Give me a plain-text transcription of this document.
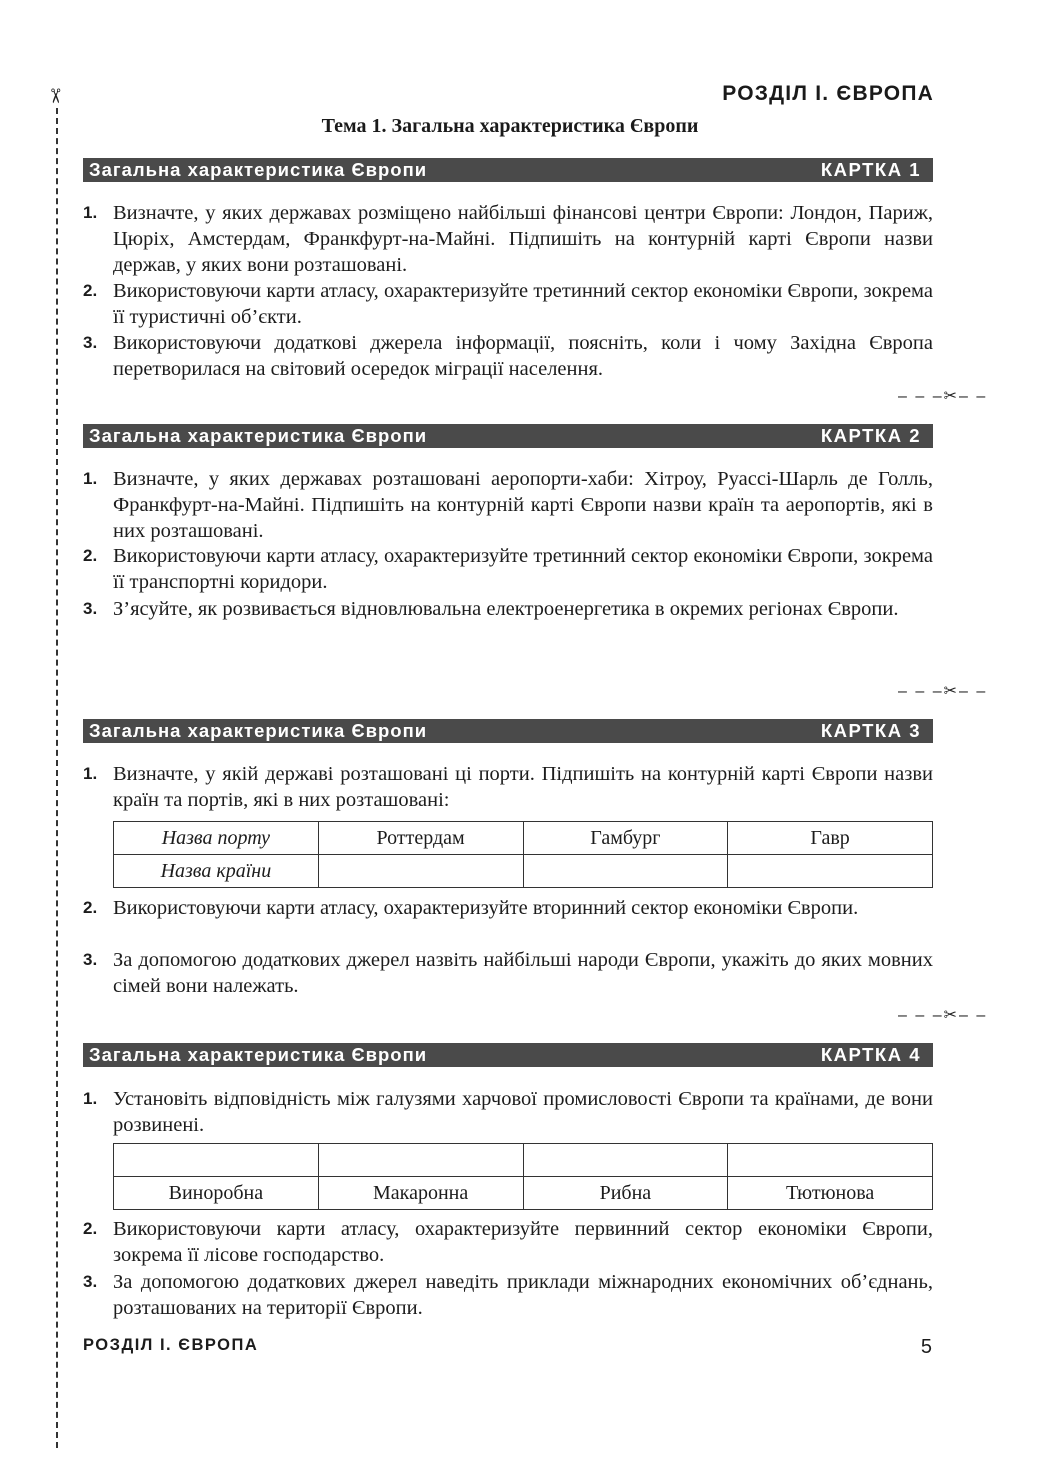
✂	РОЗДІЛ І. ЄВРОПА
Тема 1. Загальна характеристика Європи
Загальна характеристика Європи	КАРТКА 1
1. Визначте, у яких державах розміщено найбільші фінансові центри Європи: Лондон, Париж, Цюріх, Амстердам, Франкфурт-на-Майні. Підпишіть на контурній карті Європи назви держав, у яких вони розташовані.
2. Використовуючи карти атласу, охарактеризуйте третинний сектор економіки Європи, зокрема її туристичні об’єкти.
3. Використовуючи додаткові джерела інформації, поясніть, коли і чому Західна Європа перетворилася на світовий осередок міграції населення.
– – –✂– –
Загальна характеристика Європи	КАРТКА 2
1. Визначте, у яких державах розташовані аеропорти-хаби: Хітроу, Руассі-Шарль де Голль, Франкфурт-на-Майні. Підпишіть на контурній карті Європи назви країн та аеропортів, які в них розташовані.
2. Використовуючи карти атласу, охарактеризуйте третинний сектор економіки Європи, зокрема її транспортні коридори.
3. З’ясуйте, як розвивається відновлювальна електроенергетика в окремих регіонах Європи.
– – –✂– –
Загальна характеристика Європи	КАРТКА 3
1. Визначте, у якій державі розташовані ці порти. Підпишіть на контурній карті Європи назви країн та портів, які в них розташовані:
Назва порту	Роттердам	Гамбург	Гавр
Назва країни			
2. Використовуючи карти атласу, охарактеризуйте вторинний сектор економіки Європи.
3. За допомогою додаткових джерел назвіть найбільші народи Європи, укажіть до яких мовних сімей вони належать.
– – –✂– –
Загальна характеристика Європи	КАРТКА 4
1. Установіть відповідність між галузями харчової промисловості Європи та країнами, де вони розвинені.

Виноробна	Макаронна	Рибна	Тютюнова
2. Використовуючи карти атласу, охарактеризуйте первинний сектор економіки Європи, зокрема її лісове господарство.
3. За допомогою додаткових джерел наведіть приклади міжнародних економічних об’єднань, розташованих на території Європи.
РОЗДІЛ І. ЄВРОПА	5
